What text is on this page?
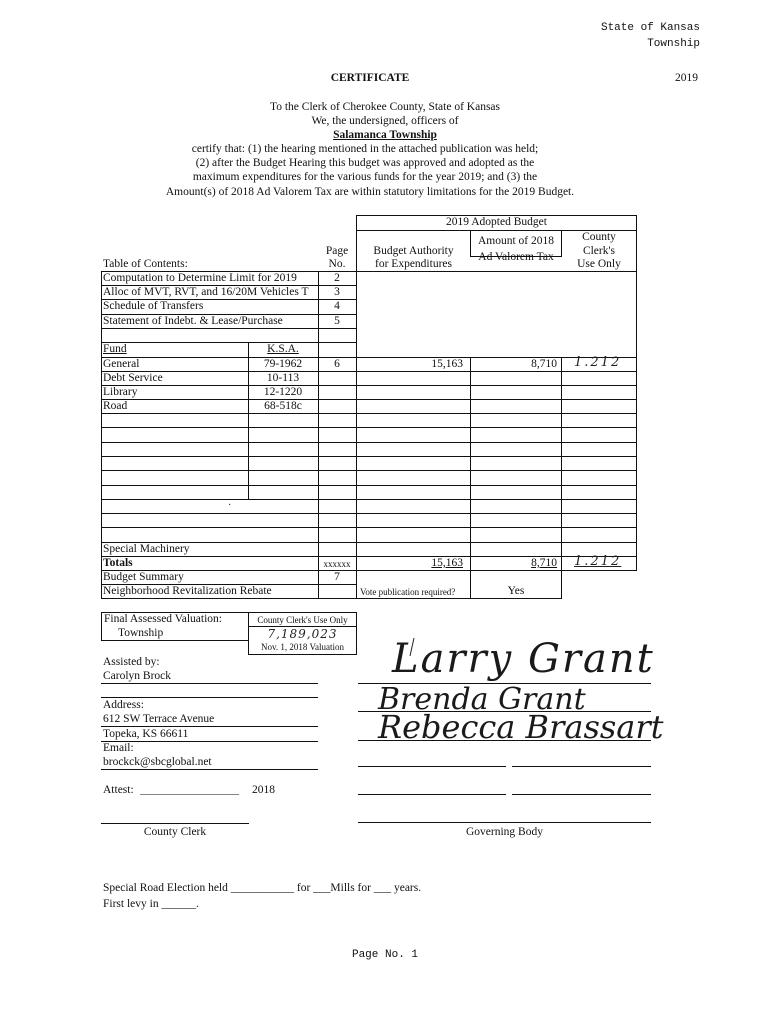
State of Kansas
Township
CERTIFICATE	2019
To the Clerk of Cherokee County, State of Kansas
We, the undersigned, officers of
Salamanca Township
certify that: (1) the hearing mentioned in the attached publication was held;
(2) after the Budget Hearing this budget was approved and adopted as the
maximum expenditures for the various funds for the year 2019; and (3) the
Amount(s) of 2018 Ad Valorem Tax are within statutory limitations for the 2019 Budget.
2019 Adopted Budget
Table of Contents:
Page
No.
Budget Authority
for Expenditures
Amount of 2018
Ad Valorem Tax
County
Clerk's
Use Only
Computation to Determine Limit for 2019	2
Alloc of MVT, RVT, and 16/20M Vehicles T	3
Schedule of Transfers	4
Statement of Indebt. & Lease/Purchase	5
Fund	K.S.A.
General	79-1962	6	15,163	8,710 1.212
Debt Service	10-113
Library	12-1220
Road	68-518c
·
Special Machinery
Totals	xxxxxx	15,163	8,710 1.212
Budget Summary	7
Neighborhood Revitalization Rebate	Vote publication required?	Yes
Final Assessed Valuation:
Township
County Clerk's Use Only
7,189,023
Nov. 1, 2018 Valuation
Assisted by:
Carolyn Brock
Address:
612 SW Terrace Avenue
Topeka, KS 66611
Email:
brockck@sbcglobal.net
Larry Grant
Brenda Grant
Rebecca Brassart
Attest: __________________ 2018
County Clerk	Governing Body
Special Road Election held ___________ for ___Mills for ___ years.
First levy in ______.
Page No. 1
